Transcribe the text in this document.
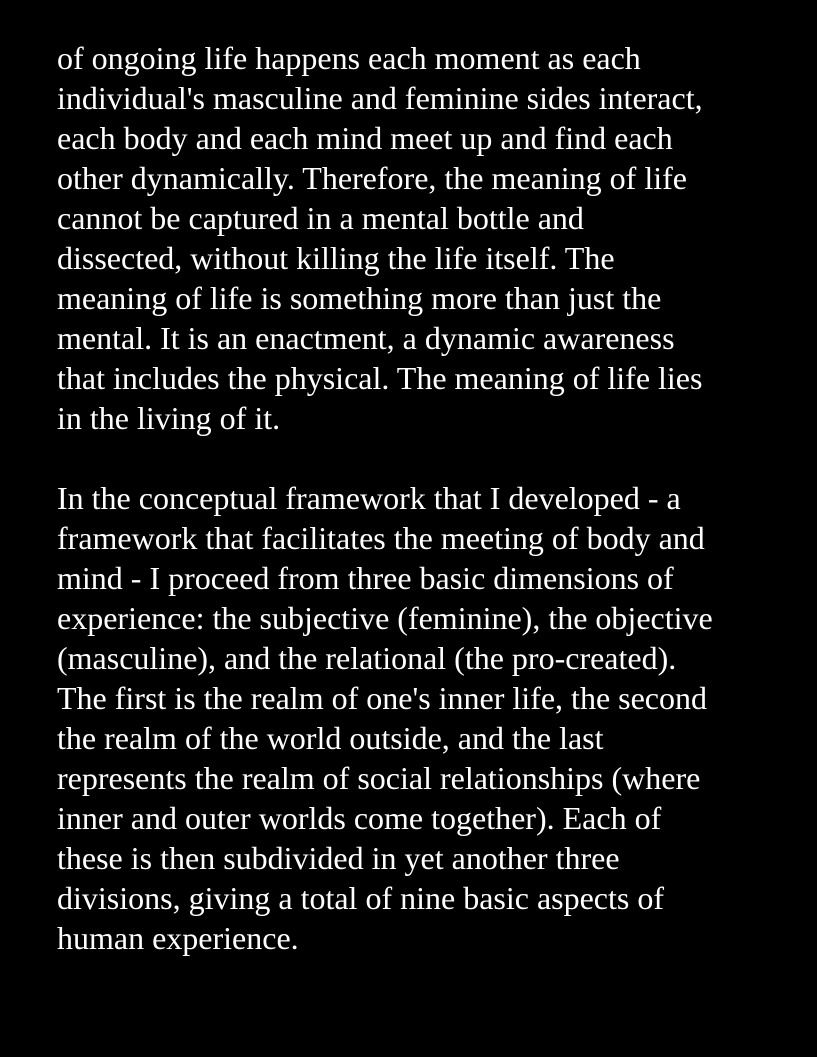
of ongoing life happens each moment as each
individual's masculine and feminine sides interact,
each body and each mind meet up and find each
other dynamically. Therefore, the meaning of life
cannot be captured in a mental bottle and
dissected, without killing the life itself. The
meaning of life is something more than just the
mental. It is an enactment, a dynamic awareness
that includes the physical. The meaning of life lies
in the living of it.

In the conceptual framework that I developed - a
framework that facilitates the meeting of body and
mind - I proceed from three basic dimensions of
experience: the subjective (feminine), the objective
(masculine), and the relational (the pro-created).
The first is the realm of one's inner life, the second
the realm of the world outside, and the last
represents the realm of social relationships (where
inner and outer worlds come together). Each of
these is then subdivided in yet another three
divisions, giving a total of nine basic aspects of
human experience.
